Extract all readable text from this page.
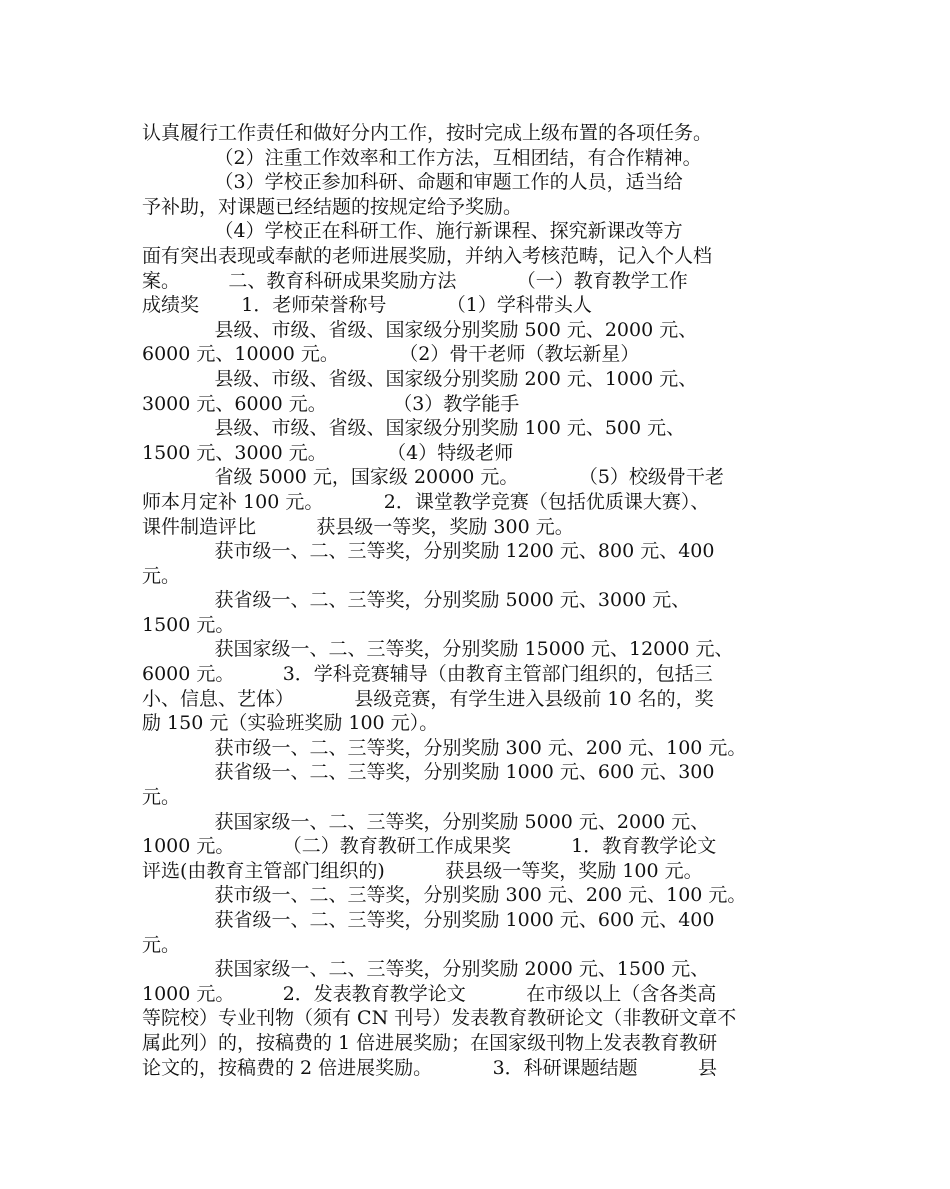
认真履行工作责任和做好分内工作，按时完成上级布置的各项任务。
（2）注重工作效率和工作方法，互相团结，有合作精神。
（3）学校正参加科研、命题和审题工作的人员，适当给
予补助，对课题已经结题的按规定给予奖励。
（4）学校正在科研工作、施行新课程、探究新课改等方
面有突出表现或奉献的老师进展奖励，并纳入考核范畴，记入个人档
案。        二、教育科研成果奖励方法          （一）教育教学工作
成绩奖       1．老师荣誉称号          （1）学科带头人
县级、市级、省级、国家级分别奖励 500 元、2000 元、
6000 元、10000 元。          （2）骨干老师（教坛新星）
县级、市级、省级、国家级分别奖励 200 元、1000 元、
3000 元、6000 元。           （3）教学能手
县级、市级、省级、国家级分别奖励 100 元、500 元、
1500 元、3000 元。          （4）特级老师
省级 5000 元，国家级 20000 元。          （5）校级骨干老
师本月定补 100 元。          2．课堂教学竞赛（包括优质课大赛）、
课件制造评比          获县级一等奖，奖励 300 元。
获市级一、二、三等奖，分别奖励 1200 元、800 元、400
元。
获省级一、二、三等奖，分别奖励 5000 元、3000 元、
1500 元。
获国家级一、二、三等奖，分别奖励 15000 元、12000 元、
6000 元。        3．学科竞赛辅导（由教育主管部门组织的，包括三
小、信息、艺体）          县级竞赛，有学生进入县级前 10 名的，奖
励 150 元（实验班奖励 100 元）。
获市级一、二、三等奖，分别奖励 300 元、200 元、100 元。
获省级一、二、三等奖，分别奖励 1000 元、600 元、300
元。
获国家级一、二、三等奖，分别奖励 5000 元、2000 元、
1000 元。        （二）教育教研工作成果奖          1．教育教学论文
评选(由教育主管部门组织的)          获县级一等奖，奖励 100 元。
获市级一、二、三等奖，分别奖励 300 元、200 元、100 元。
获省级一、二、三等奖，分别奖励 1000 元、600 元、400
元。
获国家级一、二、三等奖，分别奖励 2000 元、1500 元、
1000 元。        2．发表教育教学论文          在市级以上（含各类高
等院校）专业刊物（须有 CN 刊号）发表教育教研论文（非教研文章不
属此列）的，按稿费的 1 倍进展奖励；在国家级刊物上发表教育教研
论文的，按稿费的 2 倍进展奖励。          3．科研课题结题          县
